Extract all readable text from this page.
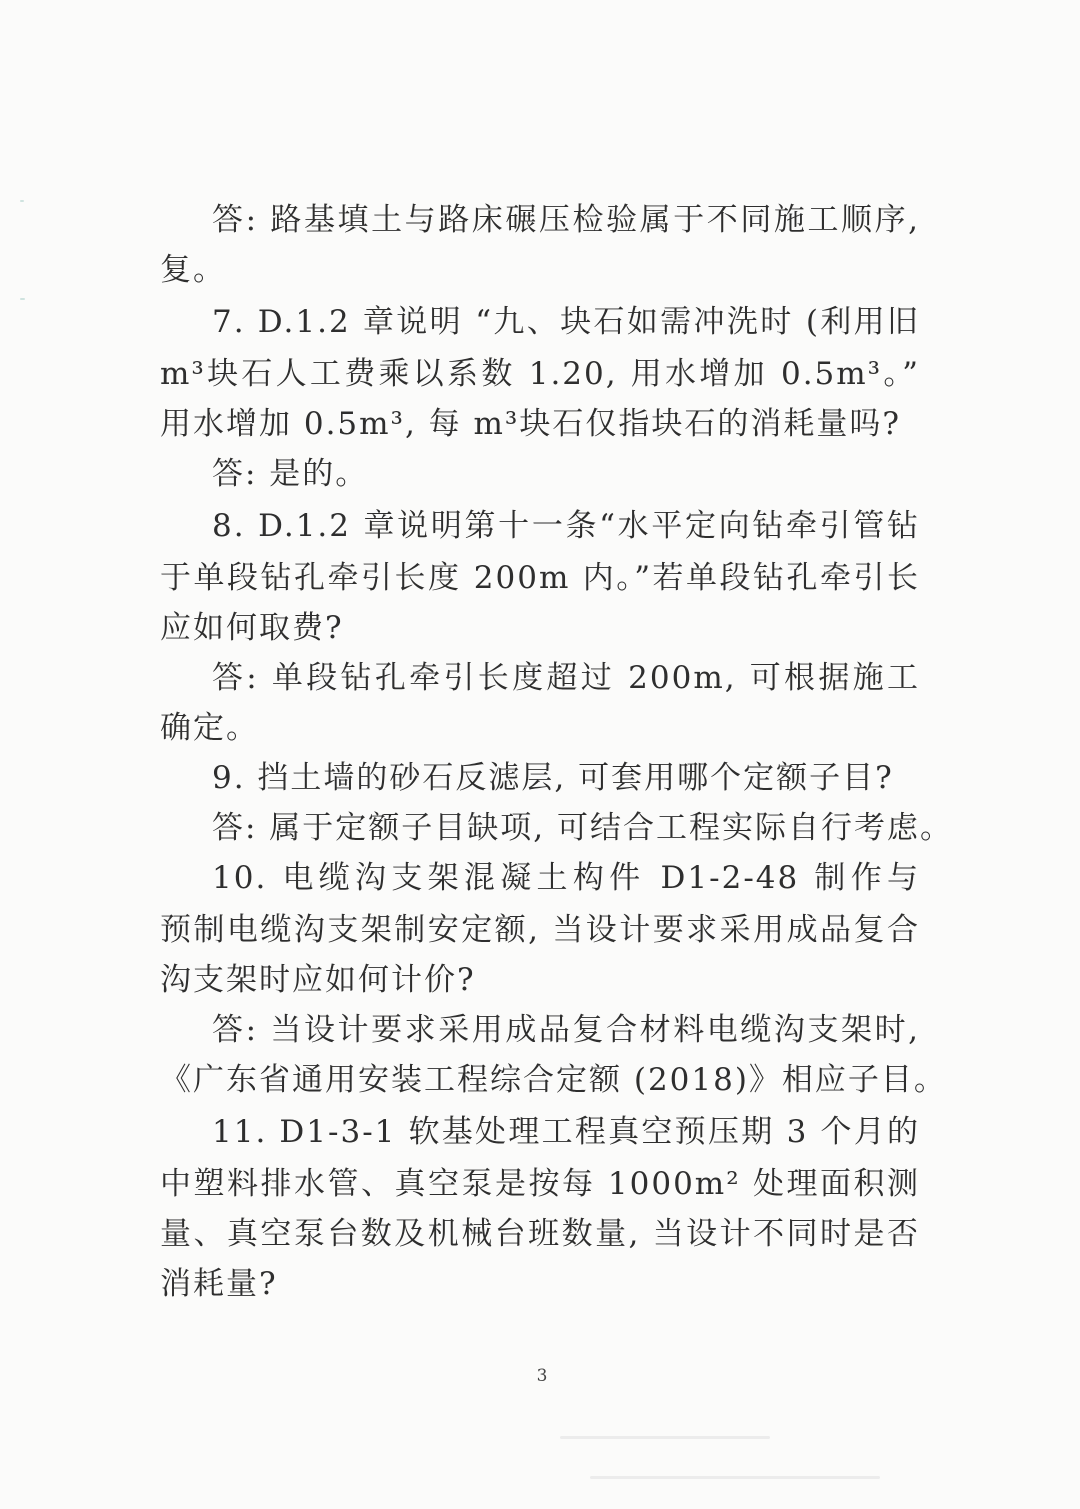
答: 路基填土与路床碾压检验属于不同施工顺序,
复。
7. D.1.2 章说明 “九、块石如需冲洗时 (利用旧
m³块石人工费乘以系数 1.20, 用水增加 0.5m³。”
用水增加 0.5m³, 每 m³块石仅指块石的消耗量吗?
答: 是的。
8. D.1.2 章说明第十一条“水平定向钻牵引管钻
于单段钻孔牵引长度 200m 内。”若单段钻孔牵引长
应如何取费?
答: 单段钻孔牵引长度超过 200m, 可根据施工
确定。
9. 挡土墙的砂石反滤层, 可套用哪个定额子目?
答: 属于定额子目缺项, 可结合工程实际自行考虑。
10. 电缆沟支架混凝土构件 D1-2-48 制作与
预制电缆沟支架制安定额, 当设计要求采用成品复合
沟支架时应如何计价?
答: 当设计要求采用成品复合材料电缆沟支架时,
《广东省通用安装工程综合定额 (2018)》相应子目。
11. D1-3-1 软基处理工程真空预压期 3 个月的
中塑料排水管、真空泵是按每 1000m² 处理面积测
量、真空泵台数及机械台班数量, 当设计不同时是否
消耗量?
3
